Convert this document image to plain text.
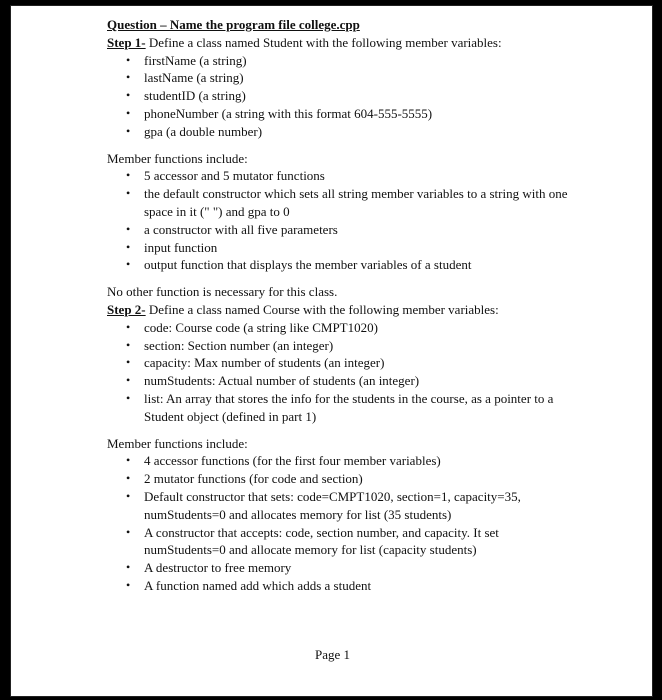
Question – Name the program file college.cpp

Step 1- Define a class named Student with the following member variables:

• firstName (a string)
• lastName (a string)
• studentID (a string)
• phoneNumber (a string with this format 604-555-5555)
• gpa (a double number)

Member functions include:

• 5 accessor and 5 mutator functions
• the default constructor which sets all string member variables to a string with one space in it (" ") and gpa to 0
• a constructor with all five parameters
• input function
• output function that displays the member variables of a student

No other function is necessary for this class.

Step 2- Define a class named Course with the following member variables:

• code: Course code (a string like CMPT1020)
• section: Section number (an integer)
• capacity: Max number of students (an integer)
• numStudents: Actual number of students (an integer)
• list: An array that stores the info for the students in the course, as a pointer to a Student object (defined in part 1)

Member functions include:

• 4 accessor functions (for the first four member variables)
• 2 mutator functions (for code and section)
• Default constructor that sets: code=CMPT1020, section=1, capacity=35, numStudents=0 and allocates memory for list (35 students)
• A constructor that accepts: code, section number, and capacity. It set numStudents=0 and allocate memory for list (capacity students)
• A destructor to free memory
• A function named add which adds a student
Page 1
